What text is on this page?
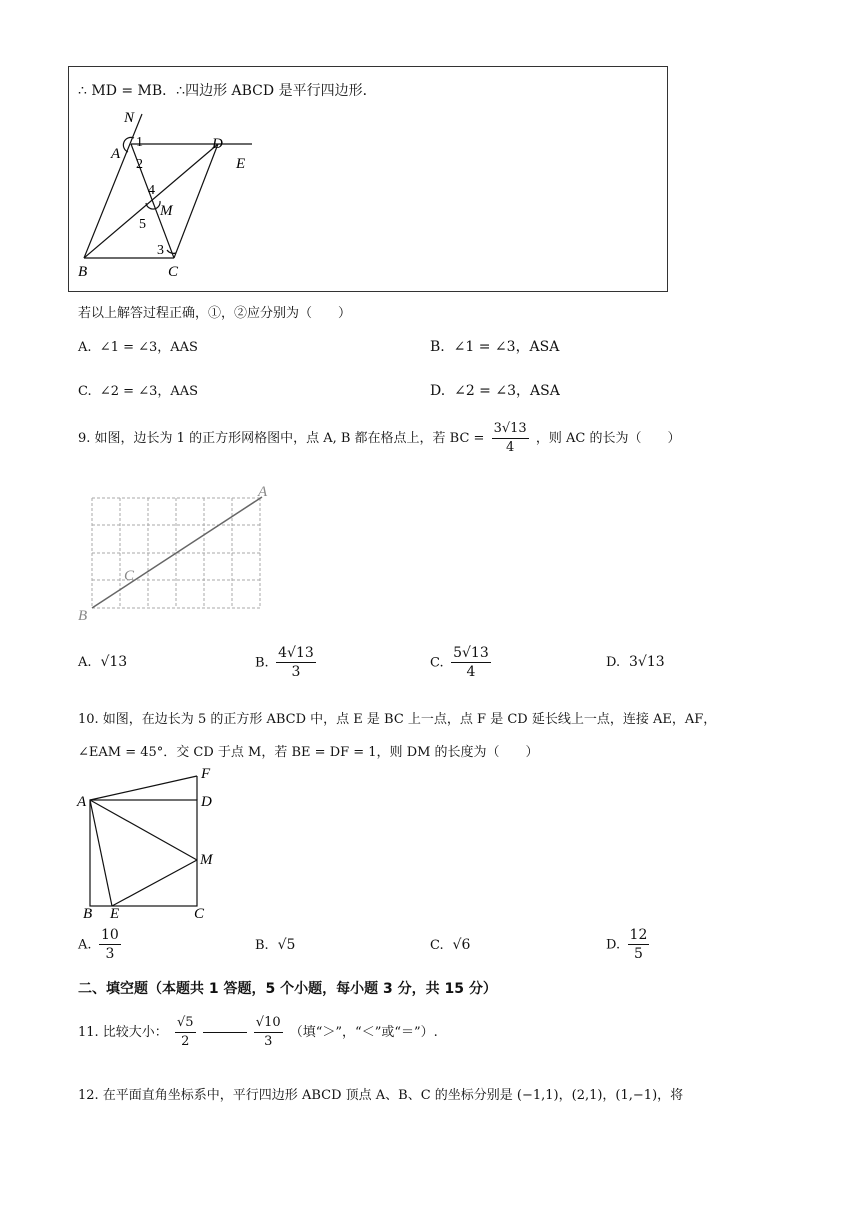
∴ MD = MB．∴四边形 ABCD 是平行四边形．
N
A
D
E
M
B	C
1
2
3
4
5
若以上解答过程正确，①，②应分别为（　　）
A. ∠1 = ∠3，AAS	B. ∠1 = ∠3，ASA
C. ∠2 = ∠3，AAS	D. ∠2 = ∠3，ASA
9. 如图，边长为 1 的正方形网格图中，点 A, B 都在格点上，若 BC = $\frac{3√13}{4}$ ，则 AC 的长为（　　）
A
B
C
A. √13	B. $\frac{4√13}{3}$	C. $\frac{5√13}{4}$	D. 3√13
10. 如图，在边长为 5 的正方形 ABCD 中，点 E 是 BC 上一点，点 F 是 CD 延长线上一点，连接 AE，AF，
∠EAM = 45°．交 CD 于点 M，若 BE = DF = 1，则 DM 的长度为（　　）
F
A	D
M
B E	C
A. $\frac{10}{3}$	B. √5	C. √6	D. $\frac{12}{5}$
二、填空题（本题共 1 答题，5 个小题，每小题 3 分，共 15 分）
11. 比较大小： $\frac{√5}{2}$
	$\frac{√10}{3}$ （填“＞”，“＜”或“＝”）.
12. 在平面直角坐标系中，平行四边形 ABCD 顶点 A、B、C 的坐标分别是 (−1,1)，(2,1)，(1,−1)，将
